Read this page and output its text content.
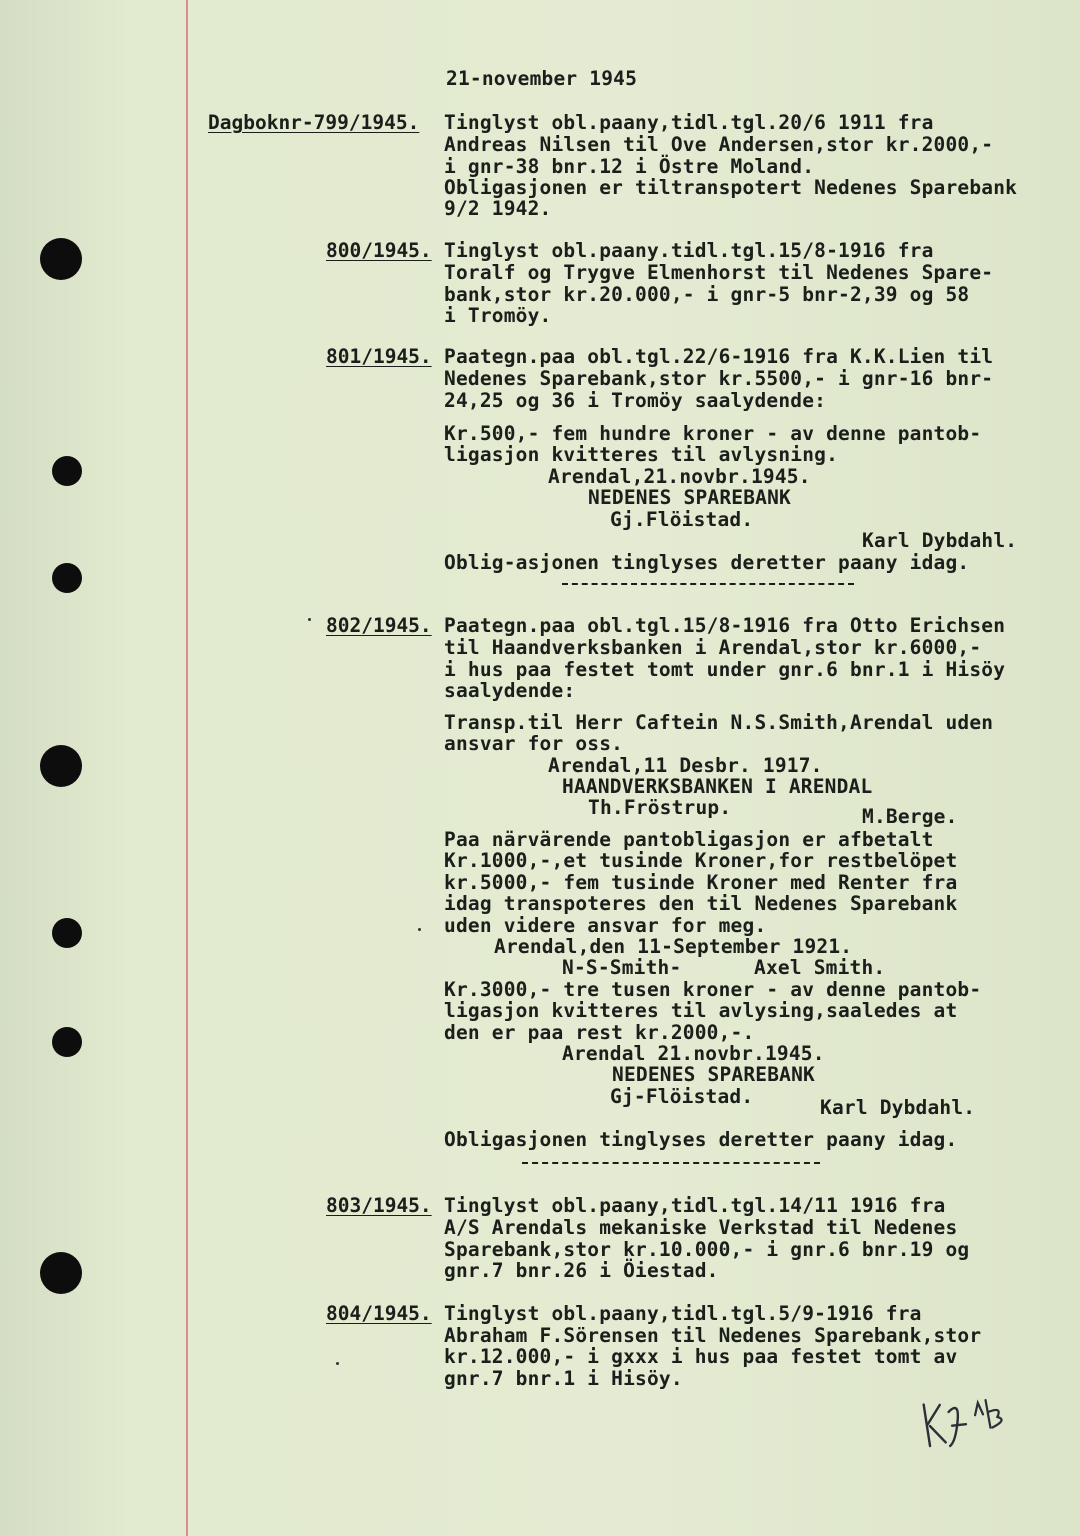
21-november 1945
Dagboknr-799/1945. Tinglyst obl.paany,tidl.tgl.20/6 1911 fra
Andreas Nilsen til Ove Andersen,stor kr.2000,-
i gnr-38 bnr.12 i Östre Moland.
Obligasjonen er tiltranspotert Nedenes Sparebank
9/2 1942.
800/1945. Tinglyst obl.paany.tidl.tgl.15/8-1916 fra
Toralf og Trygve Elmenhorst til Nedenes Spare-
bank,stor kr.20.000,- i gnr-5 bnr-2,39 og 58
i Tromöy.
801/1945. Paategn.paa obl.tgl.22/6-1916 fra K.K.Lien til
Nedenes Sparebank,stor kr.5500,- i gnr-16 bnr-
24,25 og 36 i Tromöy saalydende:
Kr.500,- fem hundre kroner - av denne pantob-
ligasjon kvitteres til avlysning.
Arendal,21.novbr.1945.
NEDENES SPAREBANK
Gj.Flöistad.
Karl Dybdahl.
Oblig-asjonen tinglyses deretter paany idag.
802/1945. Paategn.paa obl.tgl.15/8-1916 fra Otto Erichsen
til Haandverksbanken i Arendal,stor kr.6000,-
i hus paa festet tomt under gnr.6 bnr.1 i Hisöy
saalydende:
Transp.til Herr Caftein N.S.Smith,Arendal uden
ansvar for oss.
Arendal,11 Desbr. 1917.
HAANDVERKSBANKEN I ARENDAL
Th.Fröstrup.	M.Berge.
Paa närvärende pantobligasjon er afbetalt
Kr.1000,-,et tusinde Kroner,for restbelöpet
kr.5000,- fem tusinde Kroner med Renter fra
idag transpoteres den til Nedenes Sparebank
uden videre ansvar for meg.
Arendal,den 11-September 1921.
N-S-Smith-	Axel Smith.
Kr.3000,- tre tusen kroner - av denne pantob-
ligasjon kvitteres til avlysing,saaledes at
den er paa rest kr.2000,-.
Arendal 21.novbr.1945.
NEDENES SPAREBANK
Gj-Flöistad.	Karl Dybdahl.
Obligasjonen tinglyses deretter paany idag.
803/1945. Tinglyst obl.paany,tidl.tgl.14/11 1916 fra
A/S Arendals mekaniske Verkstad til Nedenes
Sparebank,stor kr.10.000,- i gnr.6 bnr.19 og
gnr.7 bnr.26 i Öiestad.
804/1945. Tinglyst obl.paany,tidl.tgl.5/9-1916 fra
Abraham F.Sörensen til Nedenes Sparebank,stor
kr.12.000,- i gxxx i hus paa festet tomt av
gnr.7 bnr.1 i Hisöy.
